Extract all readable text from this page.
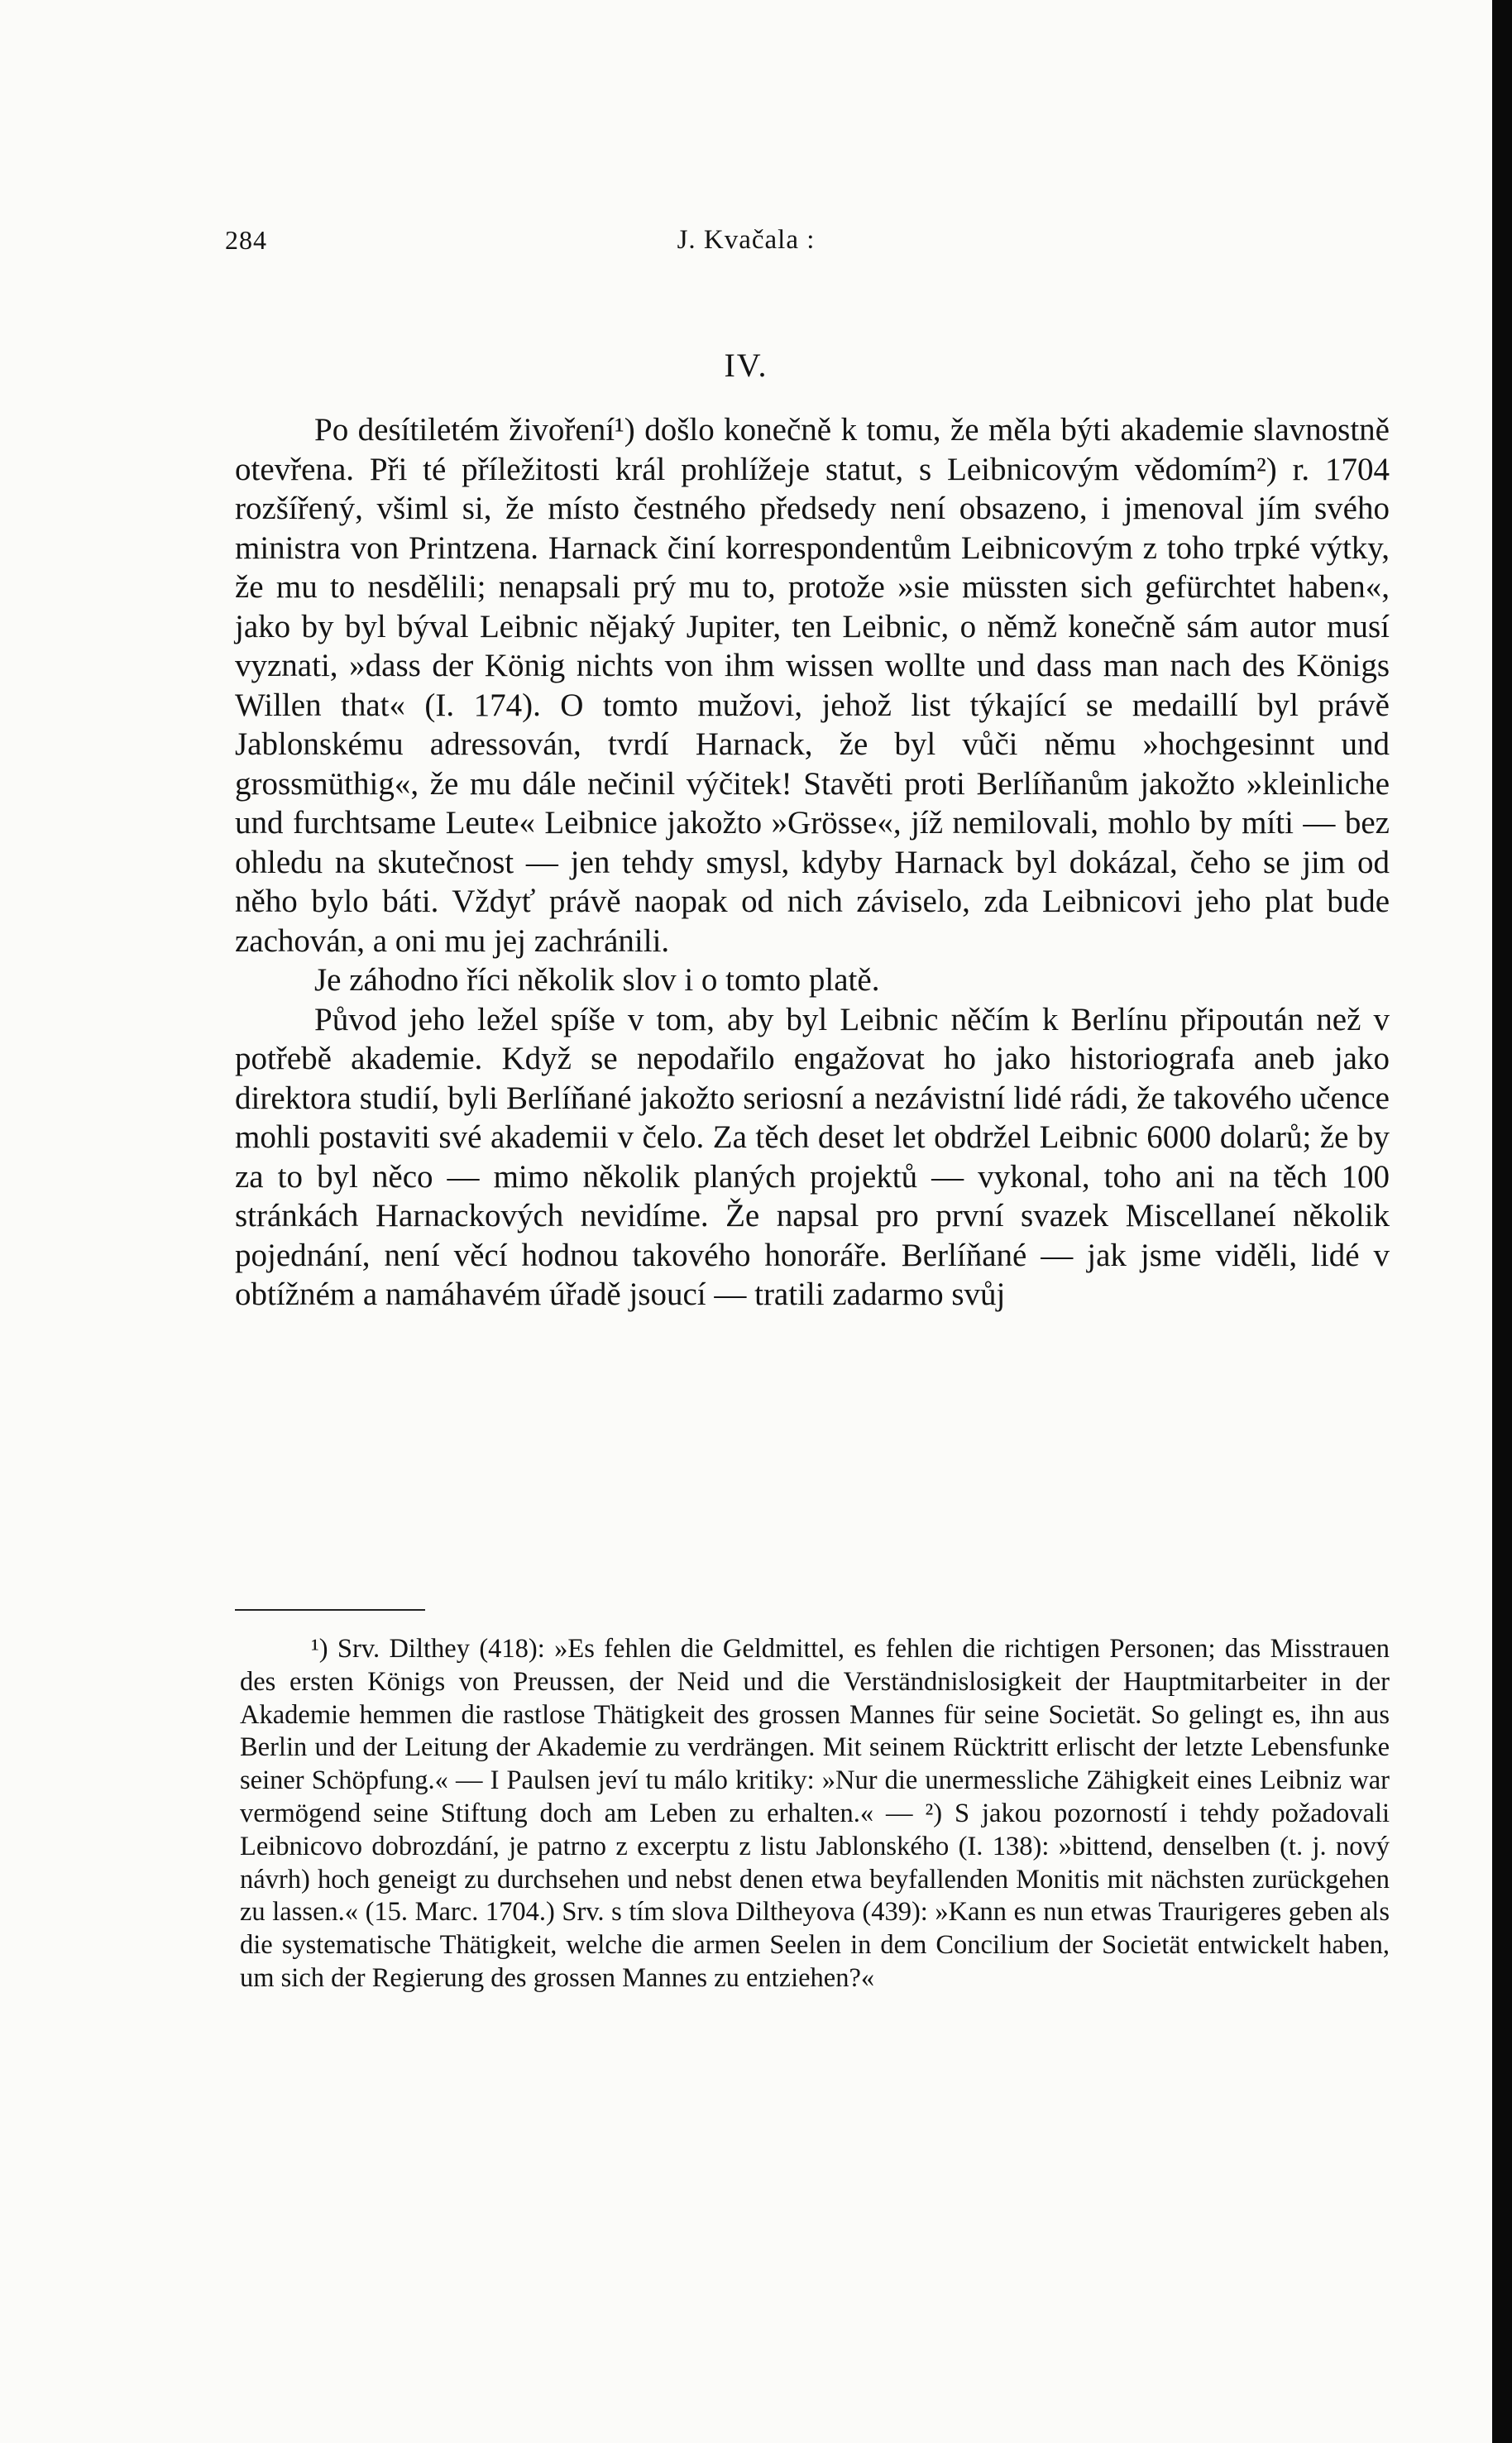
284	J. Kvačala :
IV.

Po desítiletém živoření¹) došlo konečně k tomu, že měla býti akademie slavnostně otevřena. Při té příležitosti král prohlížeje statut, s Leibnicovým vědomím²) r. 1704 rozšířený, všiml si, že místo čestného předsedy není obsazeno, i jmenoval jím svého ministra von Printzena. Harnack činí korrespondentům Leibnicovým z toho trpké výtky, že mu to nesdělili; nenapsali prý mu to, protože »sie müssten sich gefürchtet haben«, jako by byl býval Leibnic nějaký Jupiter, ten Leibnic, o němž konečně sám autor musí vyznati, »dass der König nichts von ihm wissen wollte und dass man nach des Königs Willen that« (I. 174). O tomto mužovi, jehož list týkající se medaillí byl právě Jablonskému adressován, tvrdí Harnack, že byl vůči němu »hochgesinnt und grossmüthig«, že mu dále nečinil výčitek! Stavěti proti Berlíňanům jakožto »kleinliche und furchtsame Leute« Leibnice jakožto »Grösse«, jíž nemilovali, mohlo by míti — bez ohledu na skutečnost — jen tehdy smysl, kdyby Harnack byl dokázal, čeho se jim od něho bylo báti. Vždyť právě naopak od nich záviselo, zda Leibnicovi jeho plat bude zachován, a oni mu jej zachránili.

Je záhodno říci několik slov i o tomto platě.

Původ jeho ležel spíše v tom, aby byl Leibnic něčím k Berlínu připoután než v potřebě akademie. Když se nepodařilo engažovat ho jako historiografa aneb jako direktora studií, byli Berlíňané jakožto seriosní a nezávistní lidé rádi, že takového učence mohli postaviti své akademii v čelo. Za těch deset let obdržel Leibnic 6000 dolarů; že by za to byl něco — mimo několik planých projektů — vykonal, toho ani na těch 100 stránkách Harnackových nevidíme. Že napsal pro první svazek Miscellaneí několik pojednání, není věcí hodnou takového honoráře. Berlíňané — jak jsme viděli, lidé v obtížném a namáhavém úřadě jsoucí — tratili zadarmo svůj

¹) Srv. Dilthey (418): »Es fehlen die Geldmittel, es fehlen die richtigen Personen; das Misstrauen des ersten Königs von Preussen, der Neid und die Verständnislosigkeit der Hauptmitarbeiter in der Akademie hemmen die rastlose Thätigkeit des grossen Mannes für seine Societät. So gelingt es, ihn aus Berlin und der Leitung der Akademie zu verdrängen. Mit seinem Rücktritt erlischt der letzte Lebensfunke seiner Schöpfung.« — I Paulsen jeví tu málo kritiky: »Nur die unermessliche Zähigkeit eines Leibniz war vermögend seine Stiftung doch am Leben zu erhalten.« — ²) S jakou pozorností i tehdy požadovali Leibnicovo dobrozdání, je patrno z excerptu z listu Jablonského (I. 138): »bittend, denselben (t. j. nový návrh) hoch geneigt zu durchsehen und nebst denen etwa beyfallenden Monitis mit nächsten zurückgehen zu lassen.« (15. Marc. 1704.) Srv. s tím slova Diltheyova (439): »Kann es nun etwas Traurigeres geben als die systematische Thätigkeit, welche die armen Seelen in dem Concilium der Societät entwickelt haben, um sich der Regierung des grossen Mannes zu entziehen?«
